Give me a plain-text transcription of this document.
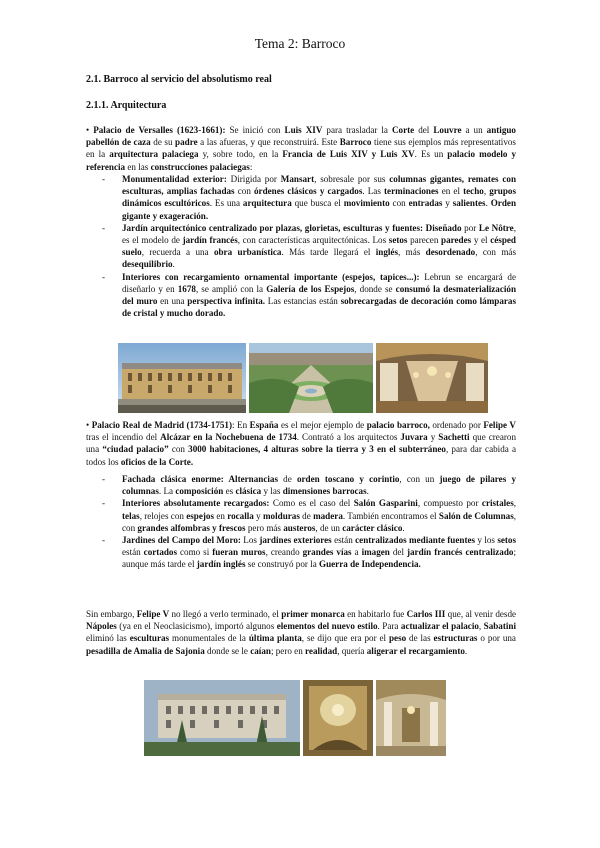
Tema 2: Barroco

2.1. Barroco al servicio del absolutismo real

2.1.1. Arquitectura

• Palacio de Versalles (1623-1661): Se inició con Luis XIV para trasladar la Corte del Louvre a un antiguo pabellón de caza de su padre a las afueras, y que reconstruirá. Este Barroco tiene sus ejemplos más representativos en la arquitectura palaciega y, sobre todo, en la Francia de Luis XIV y Luis XV. Es un palacio modelo y referencia en las construcciones palaciegas:

- Monumentalidad exterior: Dirigida por Mansart, sobresale por sus columnas gigantes, remates con esculturas, amplias fachadas con órdenes clásicos y cargados. Las terminaciones en el techo, grupos dinámicos escultóricos. Es una arquitectura que busca el movimiento con entradas y salientes. Orden gigante y exageración.
- Jardín arquitectónico centralizado por plazas, glorietas, esculturas y fuentes: Diseñado por Le Nôtre, es el modelo de jardín francés, con características arquitectónicas. Los setos parecen paredes y el césped suelo, recuerda a una obra urbanística. Más tarde llegará el inglés, más desordenado, con más desequilibrio.
- Interiores con recargamiento ornamental importante (espejos, tapices...): Lebrun se encargará de diseñarlo y en 1678, se amplió con la Galería de los Espejos, donde se consumó la desmaterialización del muro en una perspectiva infinita. Las estancias están sobrecargadas de decoración como lámparas de cristal y mucho dorado.

• Palacio Real de Madrid (1734-1751): En España es el mejor ejemplo de palacio barroco, ordenado por Felipe V tras el incendio del Alcázar en la Nochebuena de 1734. Contrató a los arquitectos Juvara y Sachetti que crearon una “ciudad palacio” con 3000 habitaciones, 4 alturas sobre la tierra y 3 en el subterráneo, para dar cabida a todos los oficios de la Corte.

- Fachada clásica enorme: Alternancias de orden toscano y corintio, con un juego de pilares y columnas. La composición es clásica y las dimensiones barrocas.
- Interiores absolutamente recargados: Como es el caso del Salón Gasparini, compuesto por cristales, telas, relojes con espejos en rocalla y molduras de madera. También encontramos el Salón de Columnas, con grandes alfombras y frescos pero más austeros, de un carácter clásico.
- Jardines del Campo del Moro: Los jardines exteriores están centralizados mediante fuentes y los setos están cortados como si fueran muros, creando grandes vías a imagen del jardín francés centralizado; aunque más tarde el jardín inglés se construyó por la Guerra de Independencia.

Sin embargo, Felipe V no llegó a verlo terminado, el primer monarca en habitarlo fue Carlos III que, al venir desde Nápoles (ya en el Neoclasicismo), importó algunos elementos del nuevo estilo. Para actualizar el palacio, Sabatini eliminó las esculturas monumentales de la última planta, se dijo que era por el peso de las estructuras o por una pesadilla de Amalia de Sajonia donde se le caían; pero en realidad, quería aligerar el recargamiento.
